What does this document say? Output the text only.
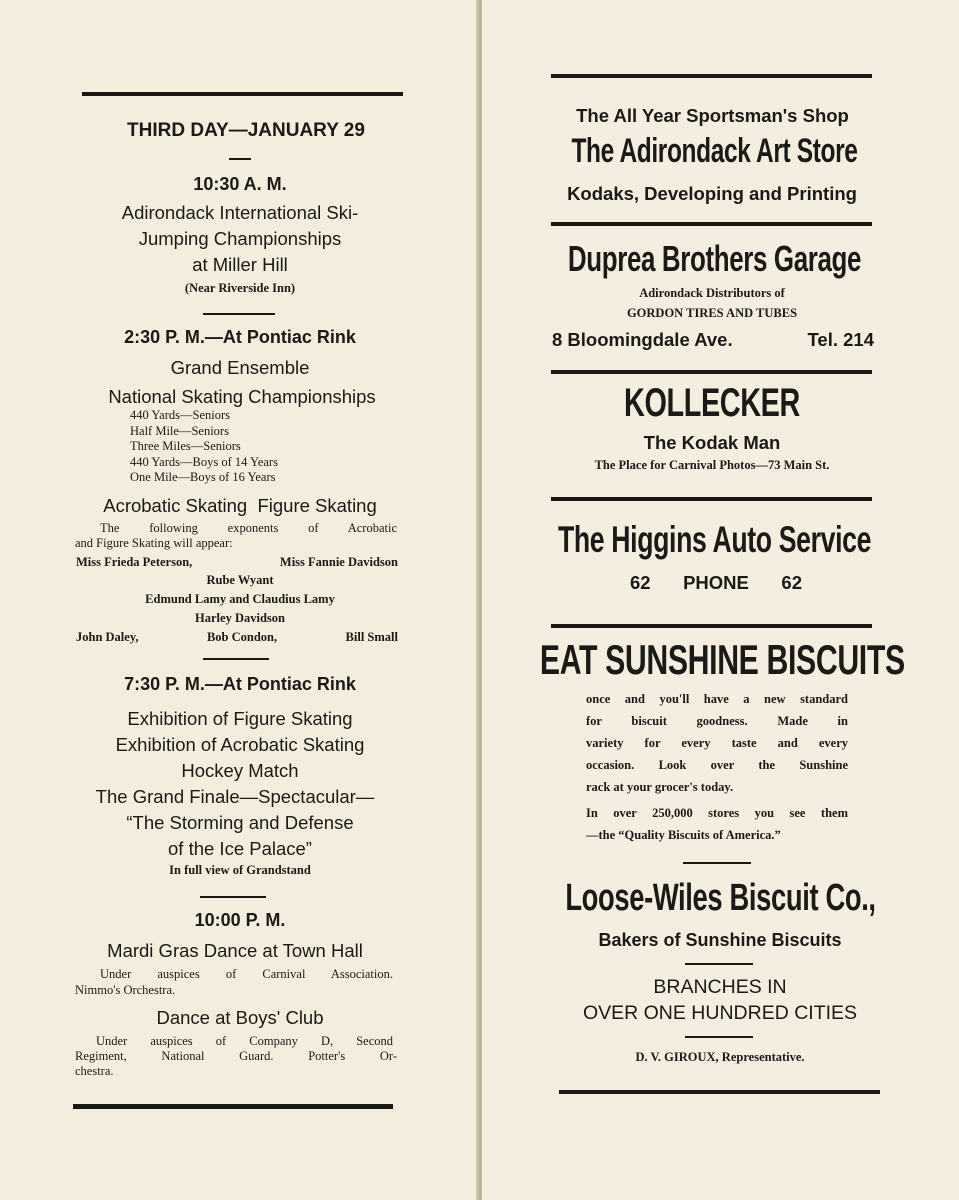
THIRD DAY—JANUARY 29
10:30 A. M.
Adirondack International Ski-
Jumping Championships
at Miller Hill
(Near Riverside Inn)
2:30 P. M.—At Pontiac Rink
Grand Ensemble
National Skating Championships
440 Yards—Seniors
Half Mile—Seniors
Three Miles—Seniors
440 Yards—Boys of 14 Years
One Mile—Boys of 16 Years
Acrobatic Skating  Figure Skating
The following exponents of Acrobatic
and Figure Skating will appear:
Miss Frieda Peterson,	Miss Fannie Davidson
Rube Wyant
Edmund Lamy and Claudius Lamy
Harley Davidson
John Daley,	Bob Condon,	Bill Small
7:30 P. M.—At Pontiac Rink
Exhibition of Figure Skating
Exhibition of Acrobatic Skating
Hockey Match
The Grand Finale—Spectacular—
“The Storming and Defense
of the Ice Palace”
In full view of Grandstand
10:00 P. M.
Mardi Gras Dance at Town Hall
Under auspices of Carnival Association.
Nimmo's Orchestra.
Dance at Boys' Club
Under auspices of Company D, Second
Regiment, National Guard. Potter's Or-
chestra.
The All Year Sportsman's Shop
The Adirondack Art Store
Kodaks, Developing and Printing
Duprea Brothers Garage
Adirondack Distributors of
GORDON TIRES AND TUBES
8 Bloomingdale Ave.	Tel. 214
KOLLECKER
The Kodak Man
The Place for Carnival Photos—73 Main St.
The Higgins Auto Service
62 PHONE 62
EAT SUNSHINE BISCUITS
once and you'll have a new standard
for biscuit goodness. Made in
variety for every taste and every
occasion. Look over the Sunshine
rack at your grocer's today.
In over 250,000 stores you see them
—the “Quality Biscuits of America.”
Loose-Wiles Biscuit Co.,
Bakers of Sunshine Biscuits
BRANCHES IN
OVER ONE HUNDRED CITIES
D. V. GIROUX, Representative.
